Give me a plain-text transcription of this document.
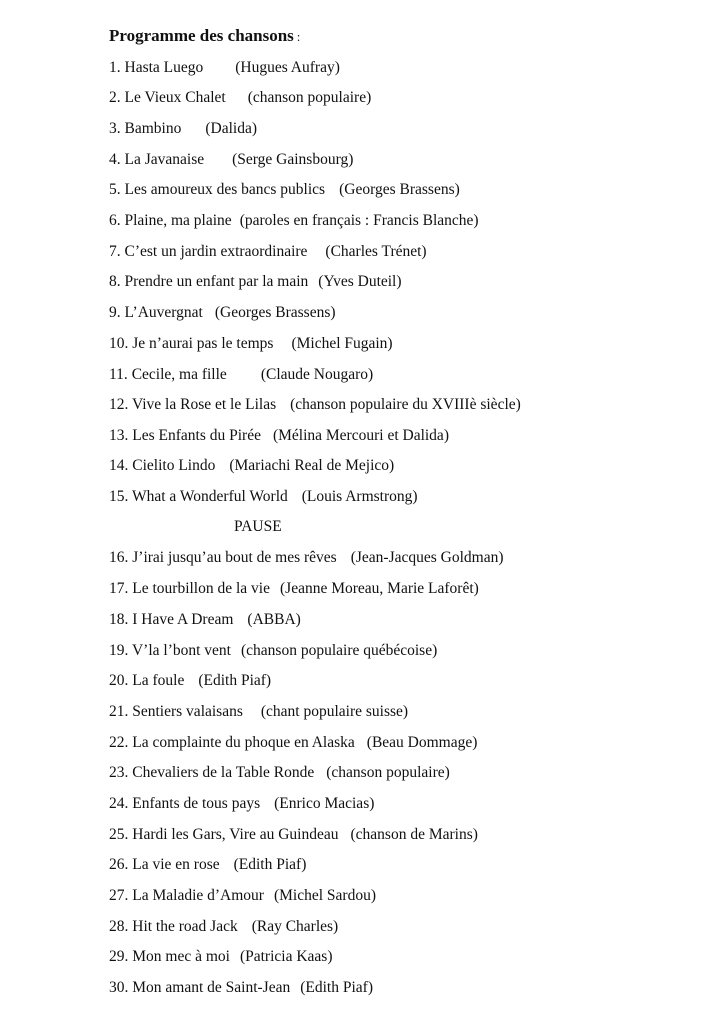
Programme des chansons :
1. Hasta Luego (Hugues Aufray)
2. Le Vieux Chalet (chanson populaire)
3. Bambino (Dalida)
4. La Javanaise (Serge Gainsbourg)
5. Les amoureux des bancs publics (Georges Brassens)
6. Plaine, ma plaine (paroles en français : Francis Blanche)
7. C’est un jardin extraordinaire (Charles Trénet)
8. Prendre un enfant par la main (Yves Duteil)
9. L’Auvergnat (Georges Brassens)
10. Je n’aurai pas le temps (Michel Fugain)
11. Cecile, ma fille (Claude Nougaro)
12. Vive la Rose et le Lilas (chanson populaire du XVIIIè siècle)
13. Les Enfants du Pirée (Mélina Mercouri et Dalida)
14. Cielito Lindo (Mariachi Real de Mejico)
15. What a Wonderful World (Louis Armstrong)
16. J’irai jusqu’au bout de mes rêves (Jean-Jacques Goldman)
17. Le tourbillon de la vie (Jeanne Moreau, Marie Laforêt)
18. I Have A Dream (ABBA)
19. V’la l’bont vent (chanson populaire québécoise)
20. La foule (Edith Piaf)
21. Sentiers valaisans (chant populaire suisse)
22. La complainte du phoque en Alaska (Beau Dommage)
23. Chevaliers de la Table Ronde (chanson populaire)
24. Enfants de tous pays (Enrico Macias)
25. Hardi les Gars, Vire au Guindeau (chanson de Marins)
26. La vie en rose (Edith Piaf)
27. La Maladie d’Amour (Michel Sardou)
28. Hit the road Jack (Ray Charles)
29. Mon mec à moi (Patricia Kaas)
30. Mon amant de Saint-Jean (Edith Piaf)
PAUSE
